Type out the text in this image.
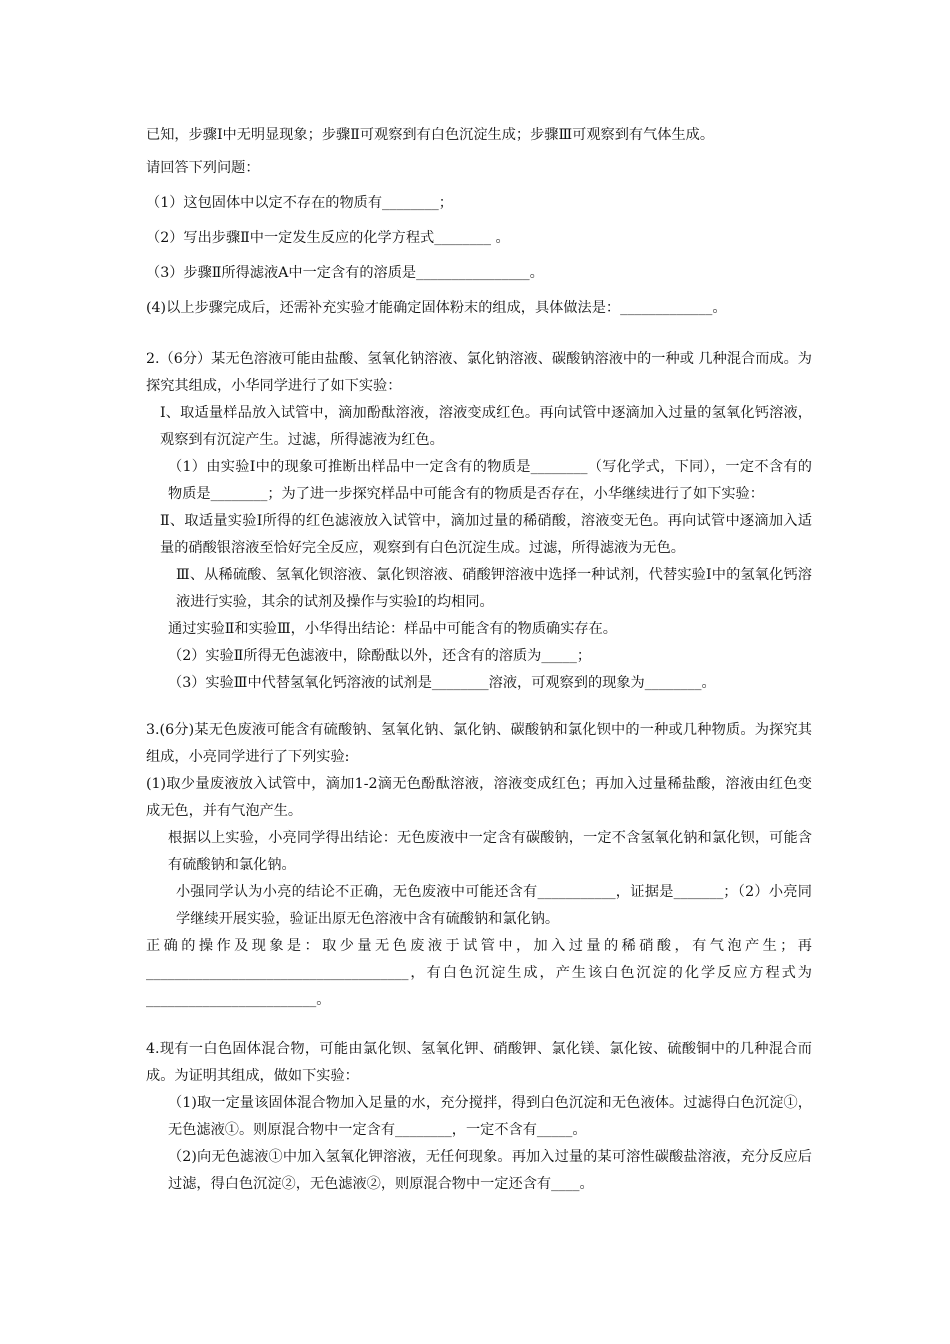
已知，步骤Ⅰ中无明显现象；步骤Ⅱ可观察到有白色沉淀生成；步骤Ⅲ可观察到有气体生成。

请回答下列问题：

（1）这包固体中以定不存在的物质有________；

（2）写出步骤Ⅱ中一定发生反应的化学方程式________ 。

（3）步骤Ⅱ所得滤液A中一定含有的溶质是________________。

(4)以上步骤完成后，还需补充实验才能确定固体粉末的组成，具体做法是：_____________。

2.（6分）某无色溶液可能由盐酸、氢氧化钠溶液、氯化钠溶液、碳酸钠溶液中的一种或 几种混合而成。为探究其组成，小华同学进行了如下实验：

Ⅰ、取适量样品放入试管中，滴加酚酞溶液，溶液变成红色。再向试管中逐滴加入过量的氢氧化钙溶液，观察到有沉淀产生。过滤，所得滤液为红色。

（1）由实验Ⅰ中的现象可推断出样品中一定含有的物质是________（写化学式，下同），一定不含有的物质是________；为了进一步探究样品中可能含有的物质是否存在，小华继续进行了如下实验：

Ⅱ、取适量实验Ⅰ所得的红色滤液放入试管中，滴加过量的稀硝酸，溶液变无色。再向试管中逐滴加入适量的硝酸银溶液至恰好完全反应，观察到有白色沉淀生成。过滤，所得滤液为无色。

Ⅲ、从稀硫酸、氢氧化钡溶液、氯化钡溶液、硝酸钾溶液中选择一种试剂，代替实验Ⅰ中的氢氧化钙溶液进行实验，其余的试剂及操作与实验Ⅰ的均相同。

通过实验Ⅱ和实验Ⅲ，小华得出结论：样品中可能含有的物质确实存在。

（2）实验Ⅱ所得无色滤液中，除酚酞以外，还含有的溶质为_____；

（3）实验Ⅲ中代替氢氧化钙溶液的试剂是________溶液，可观察到的现象为________。

3.(6分)某无色废液可能含有硫酸钠、氢氧化钠、氯化钠、碳酸钠和氯化钡中的一种或几种物质。为探究其组成，小亮同学进行了下列实验:

(1)取少量废液放入试管中，滴加1-2滴无色酚酞溶液，溶液变成红色；再加入过量稀盐酸，溶液由红色变成无色，并有气泡产生。

根据以上实验，小亮同学得出结论：无色废液中一定含有碳酸钠，一定不含氢氧化钠和氯化钡，可能含有硫酸钠和氯化钠。

小强同学认为小亮的结论不正确，无色废液中可能还含有___________，证据是_______；（2）小亮同学继续开展实验，验证出原无色溶液中含有硫酸钠和氯化钠。

正确的操作及现象是：取少量无色废液于试管中，加入过量的稀硝酸，有气泡产生；再_____________________________________，有白色沉淀生成，产生该白色沉淀的化学反应方程式为________________________。

4.现有一白色固体混合物，可能由氯化钡、氢氧化钾、硝酸钾、氯化镁、氯化铵、硫酸铜中的几种混合而成。为证明其组成，做如下实验：

（1)取一定量该固体混合物加入足量的水，充分搅拌，得到白色沉淀和无色液体。过滤得白色沉淀①，无色滤液①。则原混合物中一定含有________，一定不含有_____。

（2)向无色滤液①中加入氢氧化钾溶液，无任何现象。再加入过量的某可溶性碳酸盐溶液，充分反应后过滤，得白色沉淀②，无色滤液②，则原混合物中一定还含有____。
